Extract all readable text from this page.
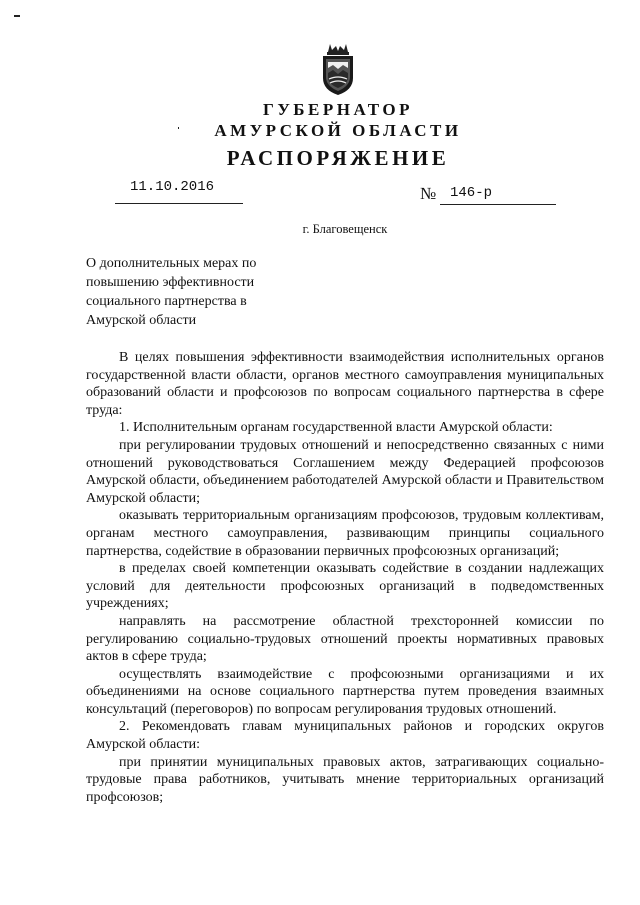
ГУБЕРНАТОР
АМУРСКОЙ ОБЛАСТИ
РАСПОРЯЖЕНИЕ
11.10.2016	№ 146-р
г. Благовещенск
О дополнительных мерах по
повышению эффективности
социального партнерства в
Амурской области

В целях повышения эффективности взаимодействия исполнительных органов государственной власти области, органов местного самоуправления муниципальных образований области и профсоюзов по вопросам социального партнерства в сфере труда:

1. Исполнительным органам государственной власти Амурской области:

при регулировании трудовых отношений и непосредственно связанных с ними отношений руководствоваться Соглашением между Федерацией профсоюзов Амурской области, объединением работодателей Амурской области и Правительством Амурской области;

оказывать территориальным организациям профсоюзов, трудовым коллективам, органам местного самоуправления, развивающим принципы социального партнерства, содействие в образовании первичных профсоюзных организаций;

в пределах своей компетенции оказывать содействие в создании надлежащих условий для деятельности профсоюзных организаций в подведомственных учреждениях;

направлять на рассмотрение областной трехсторонней комиссии по регулированию социально-трудовых отношений проекты нормативных правовых актов в сфере труда;

осуществлять взаимодействие с профсоюзными организациями и их объединениями на основе социального партнерства путем проведения взаимных консультаций (переговоров) по вопросам регулирования трудовых отношений.

2. Рекомендовать главам муниципальных районов и городских округов Амурской области:

при принятии муниципальных правовых актов, затрагивающих социально-трудовые права работников, учитывать мнение территориальных организаций профсоюзов;
